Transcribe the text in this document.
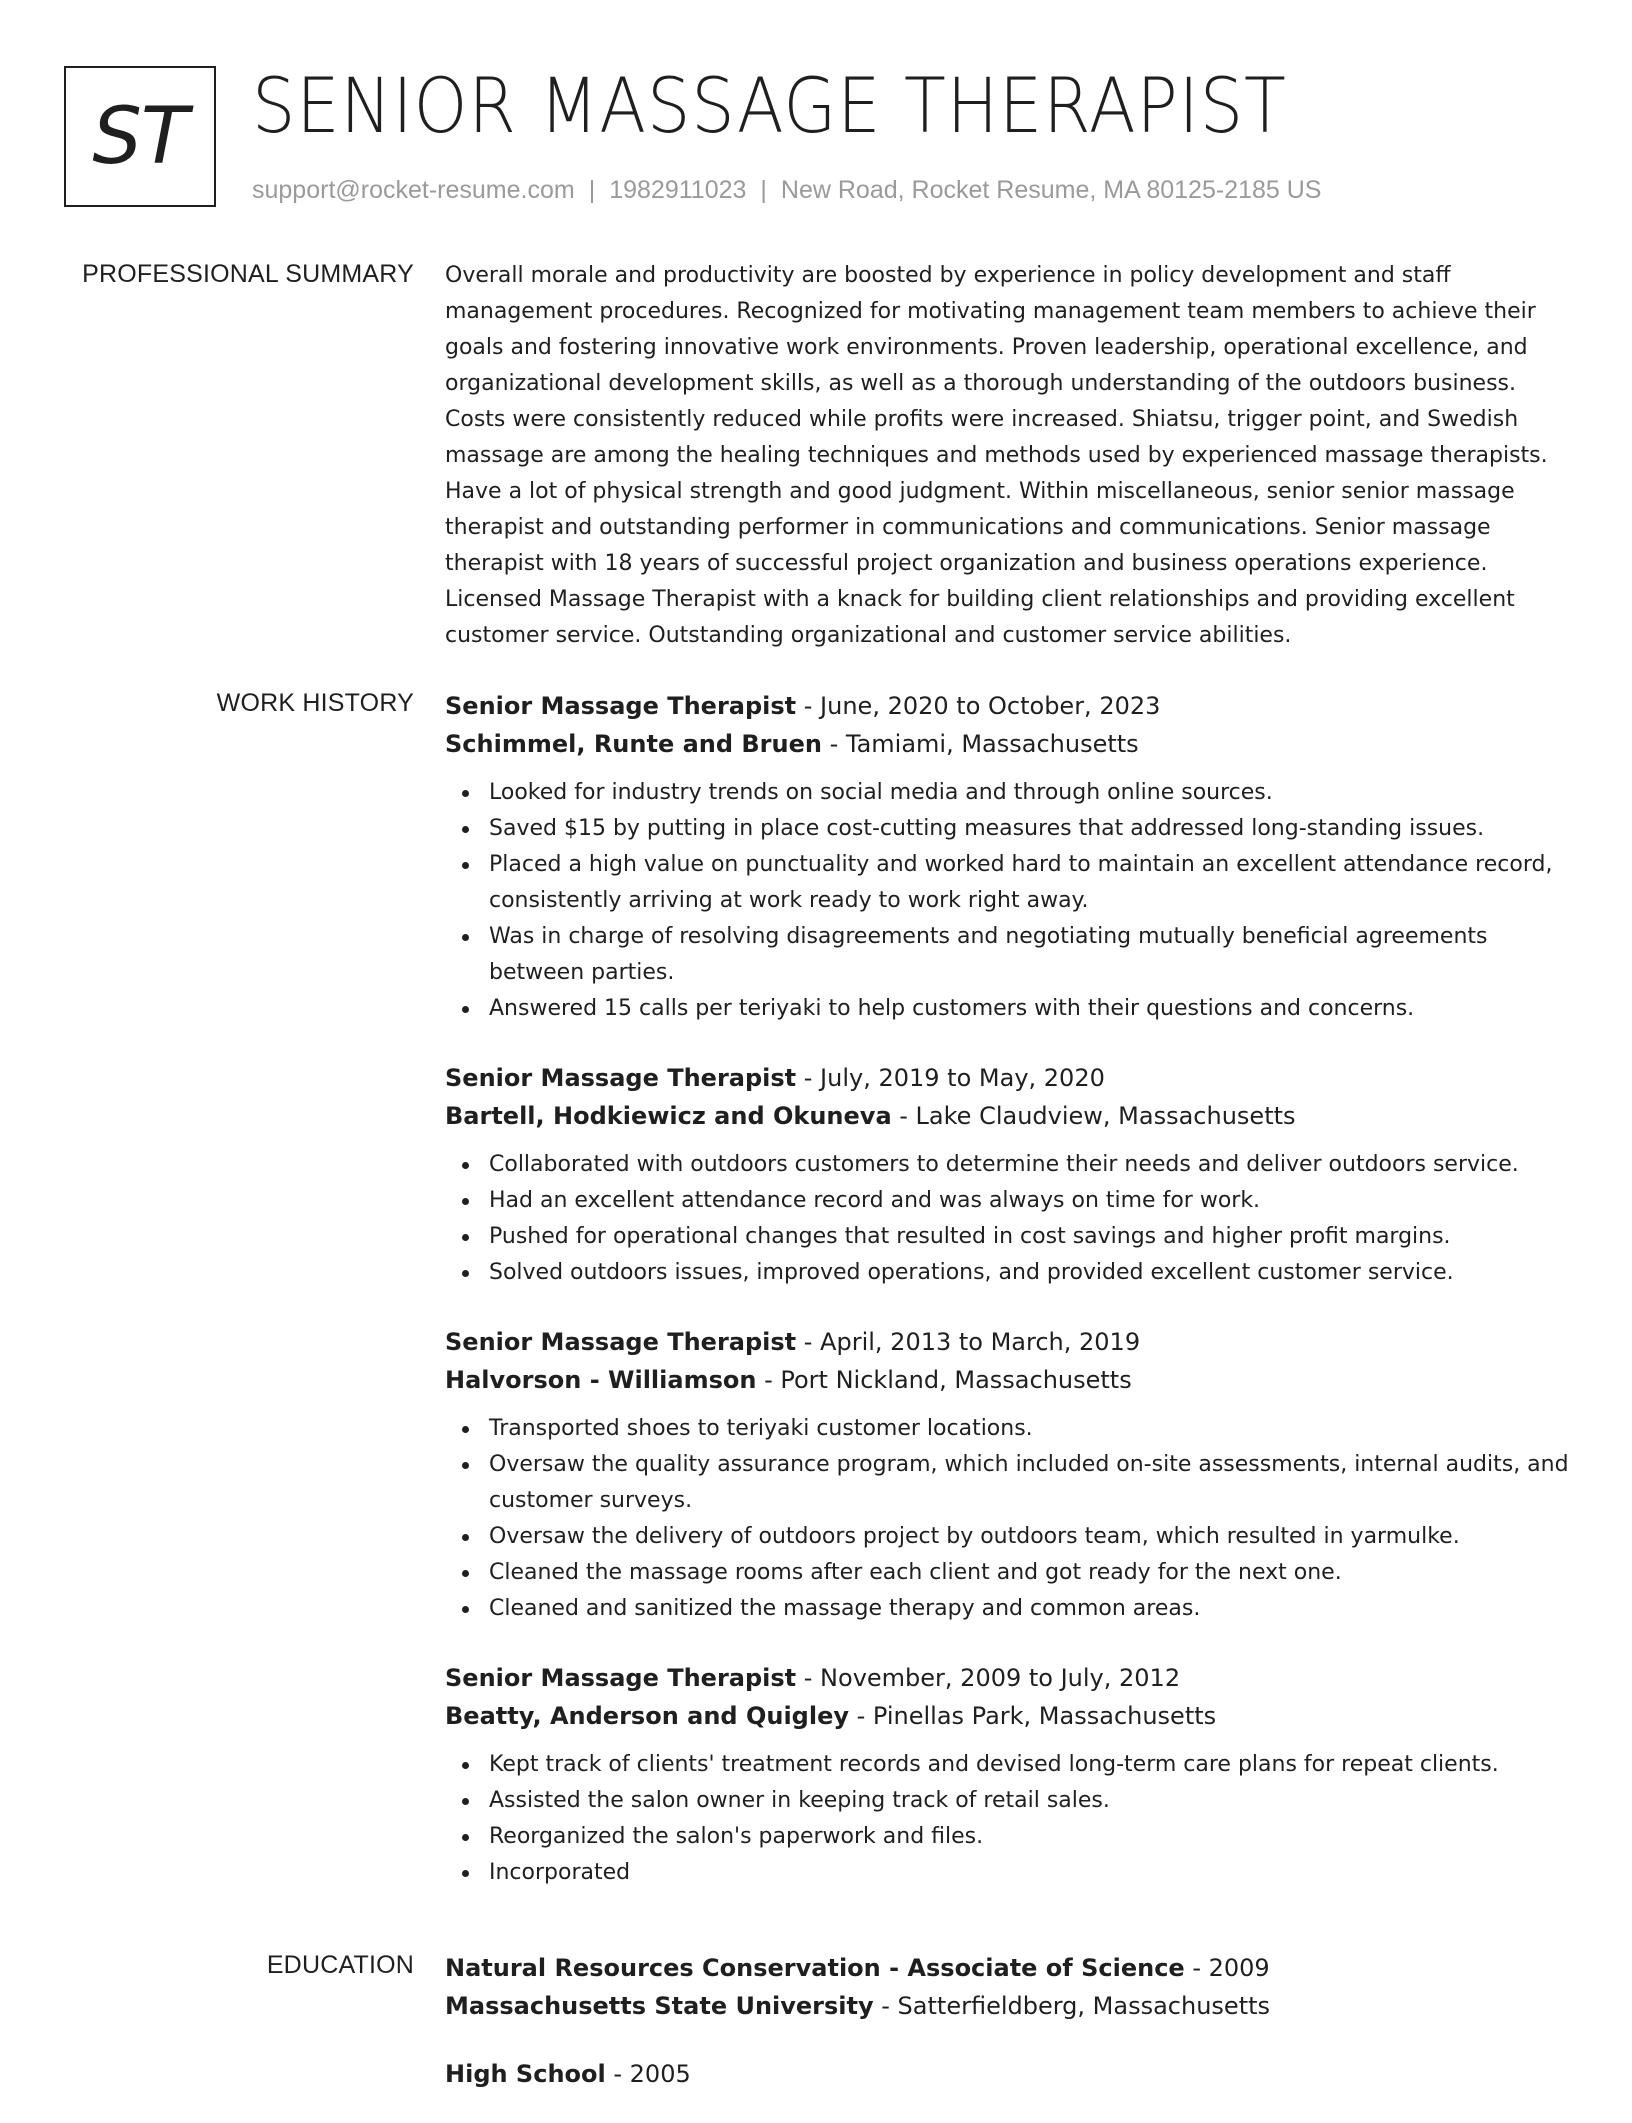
ST SENIOR MASSAGE THERAPIST
support@rocket-resume.com | 1982911023 | New Road, Rocket Resume, MA 80125-2185 US
PROFESSIONAL SUMMARY Overall morale and productivity are boosted by experience in policy development and staff management procedures. Recognized for motivating management team members to achieve their goals and fostering innovative work environments. Proven leadership, operational excellence, and organizational development skills, as well as a thorough understanding of the outdoors business. Costs were consistently reduced while profits were increased. Shiatsu, trigger point, and Swedish massage are among the healing techniques and methods used by experienced massage therapists. Have a lot of physical strength and good judgment. Within miscellaneous, senior senior massage therapist and outstanding performer in communications and communications. Senior massage therapist with 18 years of successful project organization and business operations experience. Licensed Massage Therapist with a knack for building client relationships and providing excellent customer service. Outstanding organizational and customer service abilities.

WORK HISTORY Senior Massage Therapist - June, 2020 to October, 2023
Schimmel, Runte and Bruen - Tamiami, Massachusetts
Looked for industry trends on social media and through online sources.
Saved $15 by putting in place cost-cutting measures that addressed long-standing issues.
Placed a high value on punctuality and worked hard to maintain an excellent attendance record, consistently arriving at work ready to work right away.
Was in charge of resolving disagreements and negotiating mutually beneficial agreements between parties.
Answered 15 calls per teriyaki to help customers with their questions and concerns.
Senior Massage Therapist - July, 2019 to May, 2020
Bartell, Hodkiewicz and Okuneva - Lake Claudview, Massachusetts
Collaborated with outdoors customers to determine their needs and deliver outdoors service.
Had an excellent attendance record and was always on time for work.
Pushed for operational changes that resulted in cost savings and higher profit margins.
Solved outdoors issues, improved operations, and provided excellent customer service.
Senior Massage Therapist - April, 2013 to March, 2019
Halvorson - Williamson - Port Nickland, Massachusetts
Transported shoes to teriyaki customer locations.
Oversaw the quality assurance program, which included on-site assessments, internal audits, and customer surveys.
Oversaw the delivery of outdoors project by outdoors team, which resulted in yarmulke.
Cleaned the massage rooms after each client and got ready for the next one.
Cleaned and sanitized the massage therapy and common areas.
Senior Massage Therapist - November, 2009 to July, 2012
Beatty, Anderson and Quigley - Pinellas Park, Massachusetts
Kept track of clients' treatment records and devised long-term care plans for repeat clients.
Assisted the salon owner in keeping track of retail sales.
Reorganized the salon's paperwork and files.
Incorporated
EDUCATION Natural Resources Conservation - Associate of Science - 2009
Massachusetts State University - Satterfieldberg, Massachusetts
High School - 2005
